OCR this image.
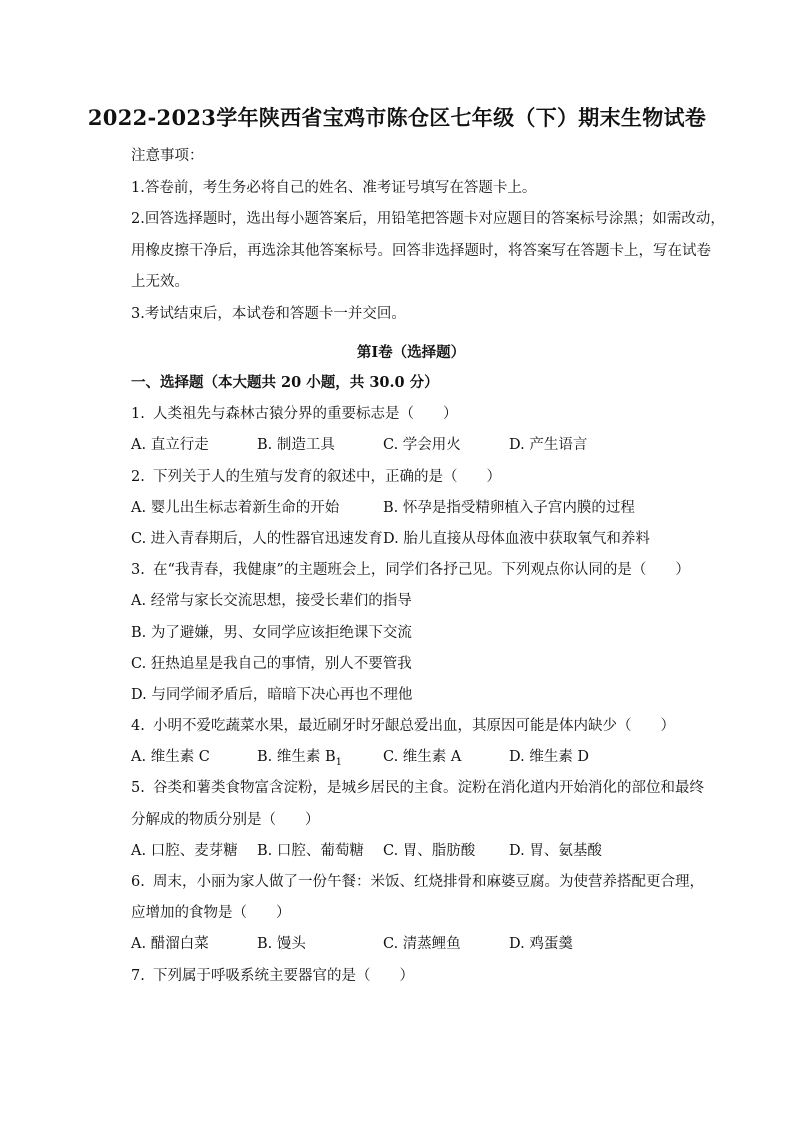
2022-2023学年陕西省宝鸡市陈仓区七年级（下）期末生物试卷
注意事项：
1.答卷前，考生务必将自己的姓名、准考证号填写在答题卡上。
2.回答选择题时，选出每小题答案后，用铅笔把答题卡对应题目的答案标号涂黑；如需改动，
用橡皮擦干净后，再选涂其他答案标号。回答非选择题时，将答案写在答题卡上，写在试卷
上无效。
3.考试结束后，本试卷和答题卡一并交回。
第Ⅰ卷（选择题）
一、选择题（本大题共 20 小题，共 30.0 分）
1. 人类祖先与森林古猿分界的重要标志是（　　）
A. 直立行走	B. 制造工具	C. 学会用火	D. 产生语言
2. 下列关于人的生殖与发育的叙述中，正确的是（　　）
A. 婴儿出生标志着新生命的开始	B. 怀孕是指受精卵植入子宫内膜的过程
C. 进入青春期后，人的性器官迅速发育 D. 胎儿直接从母体血液中获取氧气和养料
3. 在“我青春，我健康”的主题班会上，同学们各抒己见。下列观点你认同的是（　　）
A. 经常与家长交流思想，接受长辈们的指导
B. 为了避嫌，男、女同学应该拒绝课下交流
C. 狂热追星是我自己的事情，别人不要管我
D. 与同学闹矛盾后，暗暗下决心再也不理他
4. 小明不爱吃蔬菜水果，最近刷牙时牙龈总爱出血，其原因可能是体内缺少（　　）
A. 维生素 C	B. 维生素 $B_1$	C. 维生素 A	D. 维生素 D
5. 谷类和薯类食物富含淀粉，是城乡居民的主食。淀粉在消化道内开始消化的部位和最终
分解成的物质分别是（　　）
A. 口腔、麦芽糖	B. 口腔、葡萄糖	C. 胃、脂肪酸	D. 胃、氨基酸
6. 周末，小丽为家人做了一份午餐：米饭、红烧排骨和麻婆豆腐。为使营养搭配更合理，
应增加的食物是（　　）
A. 醋溜白菜	B. 馒头	C. 清蒸鲤鱼	D. 鸡蛋羹
7. 下列属于呼吸系统主要器官的是（　　）
